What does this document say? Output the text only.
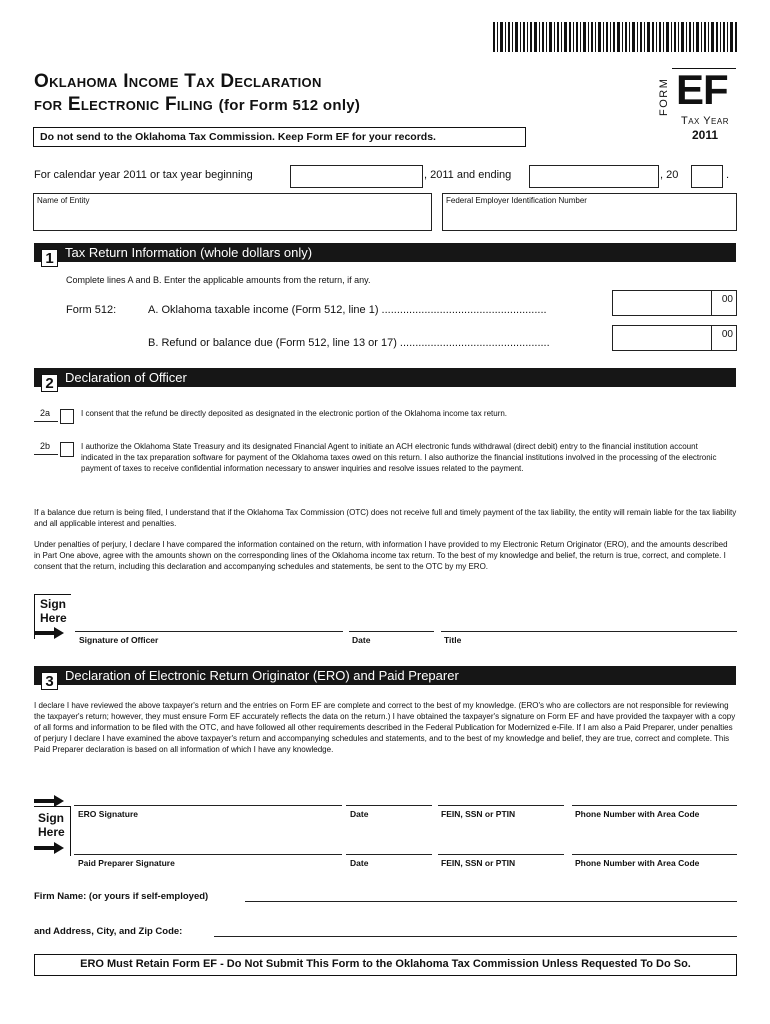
Oklahoma Income Tax Declaration
for Electronic Filing (for Form 512 only)	FORM EF
Tax Year
2011
Do not send to the Oklahoma Tax Commission. Keep Form EF for your records.
For calendar year 2011 or tax year beginning	, 2011 and ending	, 20	.
Name of Entity	Federal Employer Identification Number
1 Tax Return Information (whole dollars only)
Complete lines A and B. Enter the applicable amounts from the return, if any.
Form 512:	A. Oklahoma taxable income (Form 512, line 1) ......................................................
00
B. Refund or balance due (Form 512, line 13 or 17) .................................................
00
2 Declaration of Officer
2a	I consent that the refund be directly deposited as designated in the electronic portion of the Oklahoma income tax return.
2b	I authorize the Oklahoma State Treasury and its designated Financial Agent to initiate an ACH electronic funds withdrawal (direct debit) entry to the financial institution account indicated in the tax preparation software for payment of the Oklahoma taxes owed on this return. I also authorize the financial institutions involved in the processing of the electronic payment of taxes to receive confidential information necessary to answer inquiries and resolve issues related to the payment.
If a balance due return is being filed, I understand that if the Oklahoma Tax Commission (OTC) does not receive full and timely payment of the tax liability, the entity will remain liable for the tax liability and all applicable interest and penalties.
Under penalties of perjury, I declare I have compared the information contained on the return, with information I have provided to my Electronic Return Originator (ERO), and the amounts described in Part One above, agree with the amounts shown on the corresponding lines of the Oklahoma income tax return. To the best of my knowledge and belief, the return is true, correct, and complete. I consent that the return, including this declaration and accompanying schedules and statements, be sent to the OTC by my ERO.
Sign
Here
Signature of Officer	Date	Title
3 Declaration of Electronic Return Originator (ERO) and Paid Preparer
I declare I have reviewed the above taxpayer's return and the entries on Form EF are complete and correct to the best of my knowledge. (ERO's who are collectors are not responsible for reviewing the taxpayer's return; however, they must ensure Form EF accurately reflects the data on the return.) I have obtained the taxpayer's signature on Form EF and have provided the taxpayer with a copy of all forms and information to be filed with the OTC, and have followed all other requirements described in the Federal Publication for Modernized e-File. If I am also a Paid Preparer, under penalties of perjury I declare I have examined the above taxpayer's return and accompanying schedules and statements, and to the best of my knowledge and belief, they are true, correct and complete. This Paid Preparer declaration is based on all information of which I have any knowledge.
Sign
Here
ERO Signature	Date	FEIN, SSN or PTIN	Phone Number with Area Code
Paid Preparer Signature	Date	FEIN, SSN or PTIN	Phone Number with Area Code
Firm Name: (or yours if self-employed)
and Address, City, and Zip Code:
ERO Must Retain Form EF - Do Not Submit This Form to the Oklahoma Tax Commission Unless Requested To Do So.
